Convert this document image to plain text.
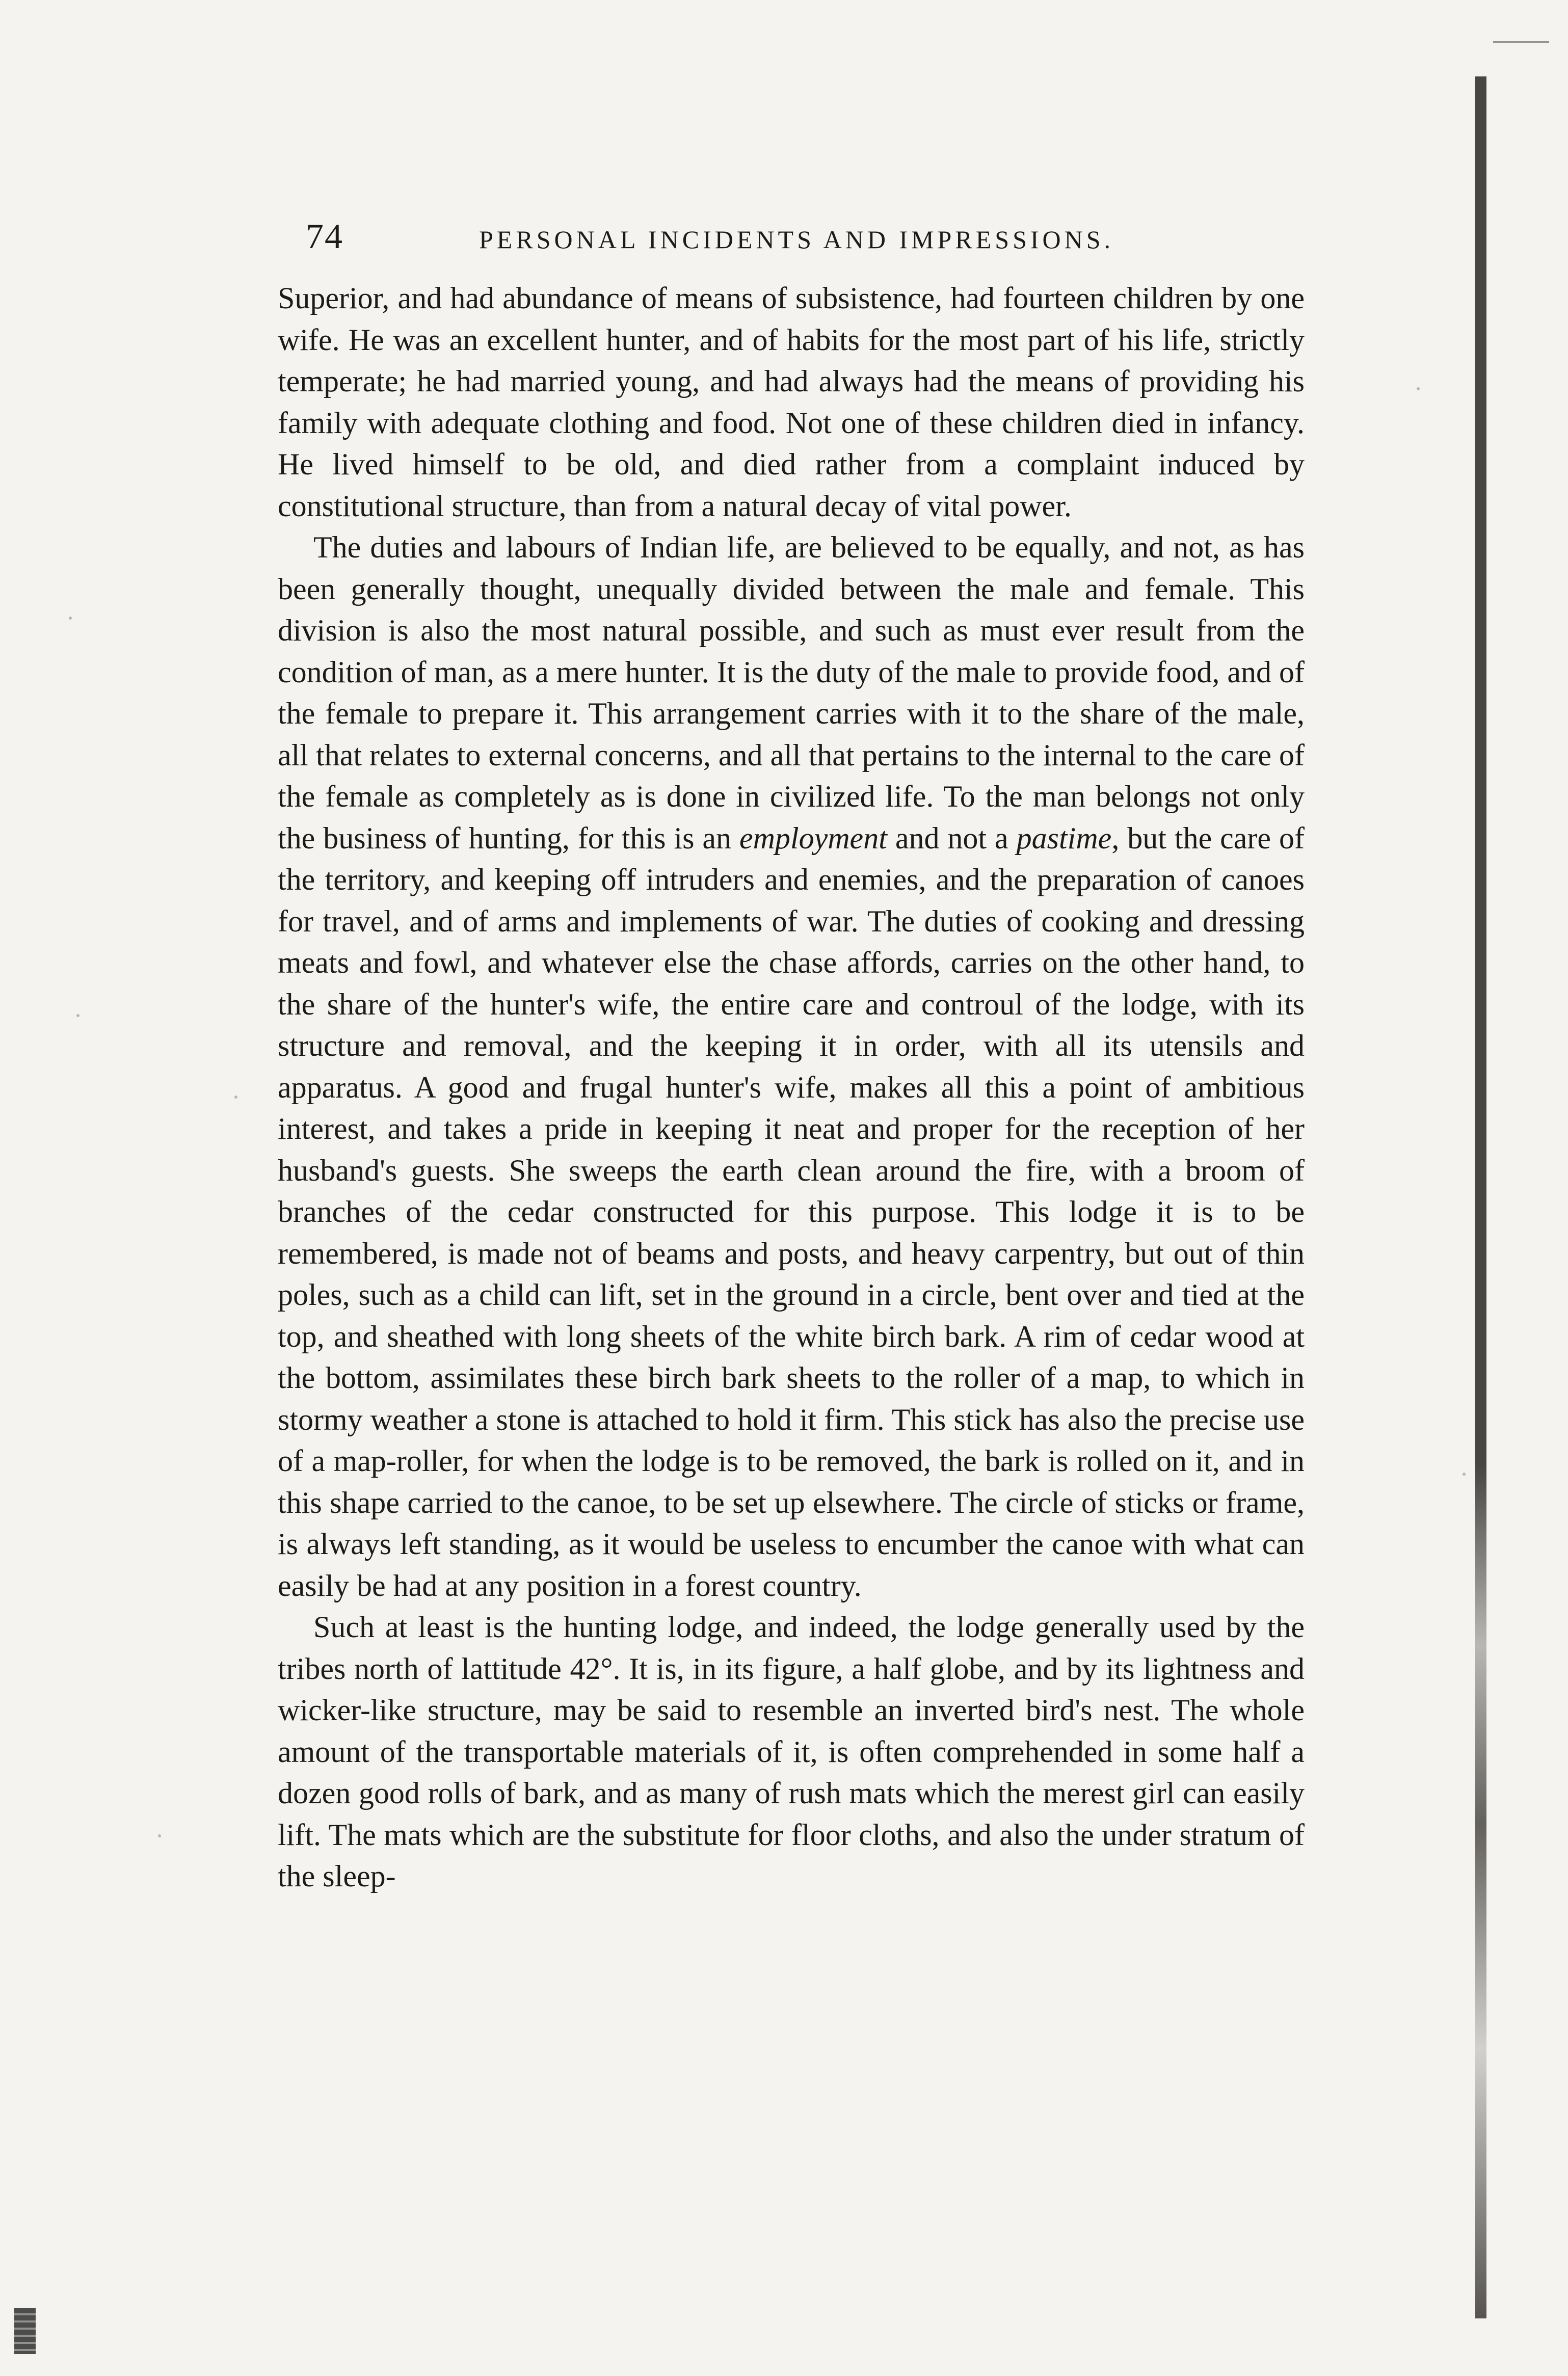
74	PERSONAL INCIDENTS AND IMPRESSIONS.

Superior, and had abundance of means of subsistence, had fourteen children by one wife. He was an excellent hunter, and of habits for the most part of his life, strictly temperate; he had married young, and had always had the means of providing his family with adequate clothing and food. Not one of these children died in infancy. He lived himself to be old, and died rather from a complaint induced by constitutional structure, than from a natural decay of vital power.

The duties and labours of Indian life, are believed to be equally, and not, as has been generally thought, unequally divided between the male and female. This division is also the most natural possible, and such as must ever result from the condition of man, as a mere hunter. It is the duty of the male to provide food, and of the female to prepare it. This arrangement carries with it to the share of the male, all that relates to external concerns, and all that pertains to the internal to the care of the female as completely as is done in civilized life. To the man belongs not only the business of hunting, for this is an employment and not a pastime, but the care of the territory, and keeping off intruders and enemies, and the preparation of canoes for travel, and of arms and implements of war. The duties of cooking and dressing meats and fowl, and whatever else the chase affords, carries on the other hand, to the share of the hunter's wife, the entire care and controul of the lodge, with its structure and removal, and the keeping it in order, with all its utensils and apparatus. A good and frugal hunter's wife, makes all this a point of ambitious interest, and takes a pride in keeping it neat and proper for the reception of her husband's guests. She sweeps the earth clean around the fire, with a broom of branches of the cedar constructed for this purpose. This lodge it is to be remembered, is made not of beams and posts, and heavy carpentry, but out of thin poles, such as a child can lift, set in the ground in a circle, bent over and tied at the top, and sheathed with long sheets of the white birch bark. A rim of cedar wood at the bottom, assimilates these birch bark sheets to the roller of a map, to which in stormy weather a stone is attached to hold it firm. This stick has also the precise use of a map-roller, for when the lodge is to be removed, the bark is rolled on it, and in this shape carried to the canoe, to be set up elsewhere. The circle of sticks or frame, is always left standing, as it would be useless to encumber the canoe with what can easily be had at any position in a forest country.

Such at least is the hunting lodge, and indeed, the lodge generally used by the tribes north of lattitude 42°. It is, in its figure, a half globe, and by its lightness and wicker-like structure, may be said to resemble an inverted bird's nest. The whole amount of the transportable materials of it, is often comprehended in some half a dozen good rolls of bark, and as many of rush mats which the merest girl can easily lift. The mats which are the substitute for floor cloths, and also the under stratum of the sleep-
